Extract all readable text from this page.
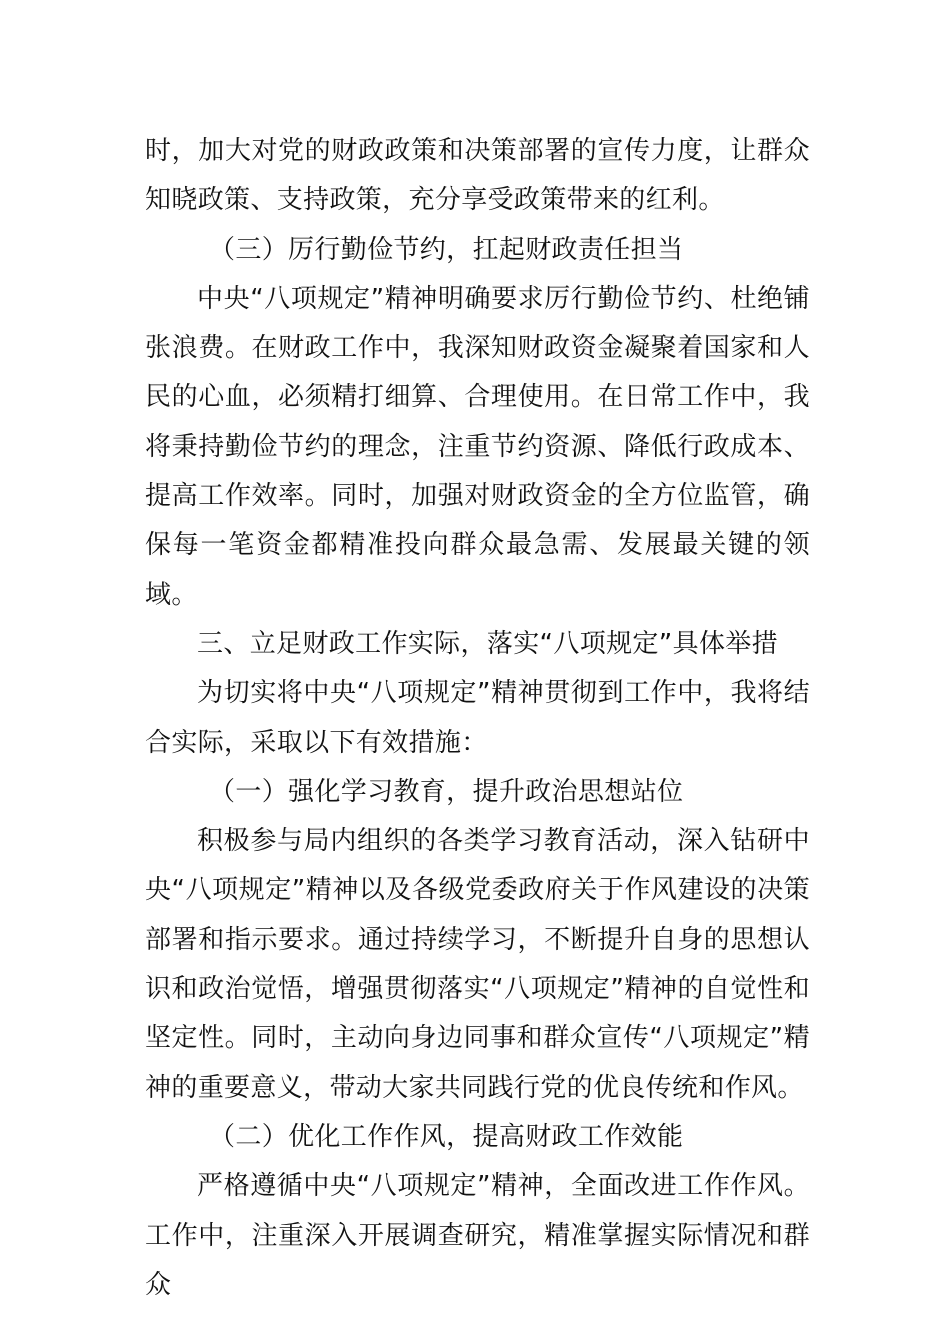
时，加大对党的财政政策和决策部署的宣传力度，让群众知晓政策、支持政策，充分享受政策带来的红利。

（三）厉行勤俭节约，扛起财政责任担当

中央“八项规定”精神明确要求厉行勤俭节约、杜绝铺张浪费。在财政工作中，我深知财政资金凝聚着国家和人民的心血，必须精打细算、合理使用。在日常工作中，我将秉持勤俭节约的理念，注重节约资源、降低行政成本、提高工作效率。同时，加强对财政资金的全方位监管，确保每一笔资金都精准投向群众最急需、发展最关键的领域。

三、立足财政工作实际，落实“八项规定”具体举措

为切实将中央“八项规定”精神贯彻到工作中，我将结合实际，采取以下有效措施：

（一）强化学习教育，提升政治思想站位

积极参与局内组织的各类学习教育活动，深入钻研中央“八项规定”精神以及各级党委政府关于作风建设的决策部署和指示要求。通过持续学习，不断提升自身的思想认识和政治觉悟，增强贯彻落实“八项规定”精神的自觉性和坚定性。同时，主动向身边同事和群众宣传“八项规定”精神的重要意义，带动大家共同践行党的优良传统和作风。

（二）优化工作作风，提高财政工作效能

严格遵循中央“八项规定”精神，全面改进工作作风。工作中，注重深入开展调查研究，精准掌握实际情况和群众
